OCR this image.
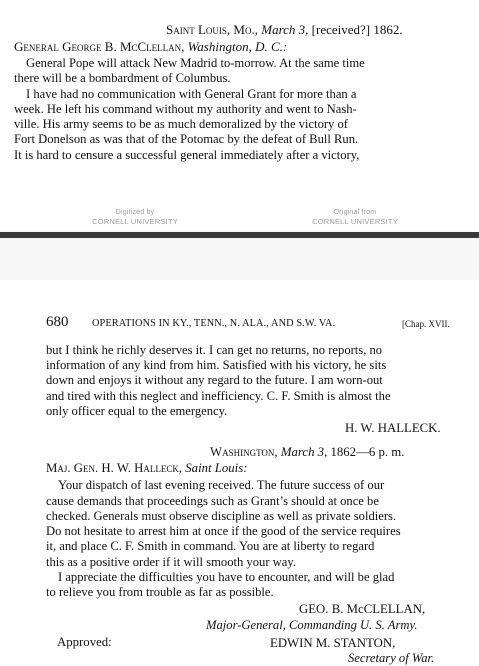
Saint Louis, Mo., March 3, [received?] 1862.
General George B. McClellan, Washington, D. C.:
General Pope will attack New Madrid to-morrow. At the same time
there will be a bombardment of Columbus.
I have had no communication with General Grant for more than a
week. He left his command without my authority and went to Nash-
ville. His army seems to be as much demoralized by the victory of
Fort Donelson as was that of the Potomac by the defeat of Bull Run.
It is hard to censure a successful general immediately after a victory,
Digitized by
CORNELL UNIVERSITY
Original from
CORNELL UNIVERSITY
680 OPERATIONS IN KY., TENN., N. ALA., AND S.W. VA.	[Chap. XVII.
but I think he richly deserves it. I can get no returns, no reports, no
information of any kind from him. Satisfied with his victory, he sits
down and enjoys it without any regard to the future. I am worn-out
and tired with this neglect and inefficiency. C. F. Smith is almost the
only officer equal to the emergency.
H. W. HALLECK.
Washington, March 3, 1862—6 p. m.
Maj. Gen. H. W. Halleck, Saint Louis:
Your dispatch of last evening received. The future success of our
cause demands that proceedings such as Grant’s should at once be
checked. Generals must observe discipline as well as private soldiers.
Do not hesitate to arrest him at once if the good of the service requires
it, and place C. F. Smith in command. You are at liberty to regard
this as a positive order if it will smooth your way.
I appreciate the difficulties you have to encounter, and will be glad
to relieve you from trouble as far as possible.
GEO. B. McCLELLAN,
Major-General, Commanding U. S. Army.
Approved:	EDWIN M. STANTON,
Secretary of War.
